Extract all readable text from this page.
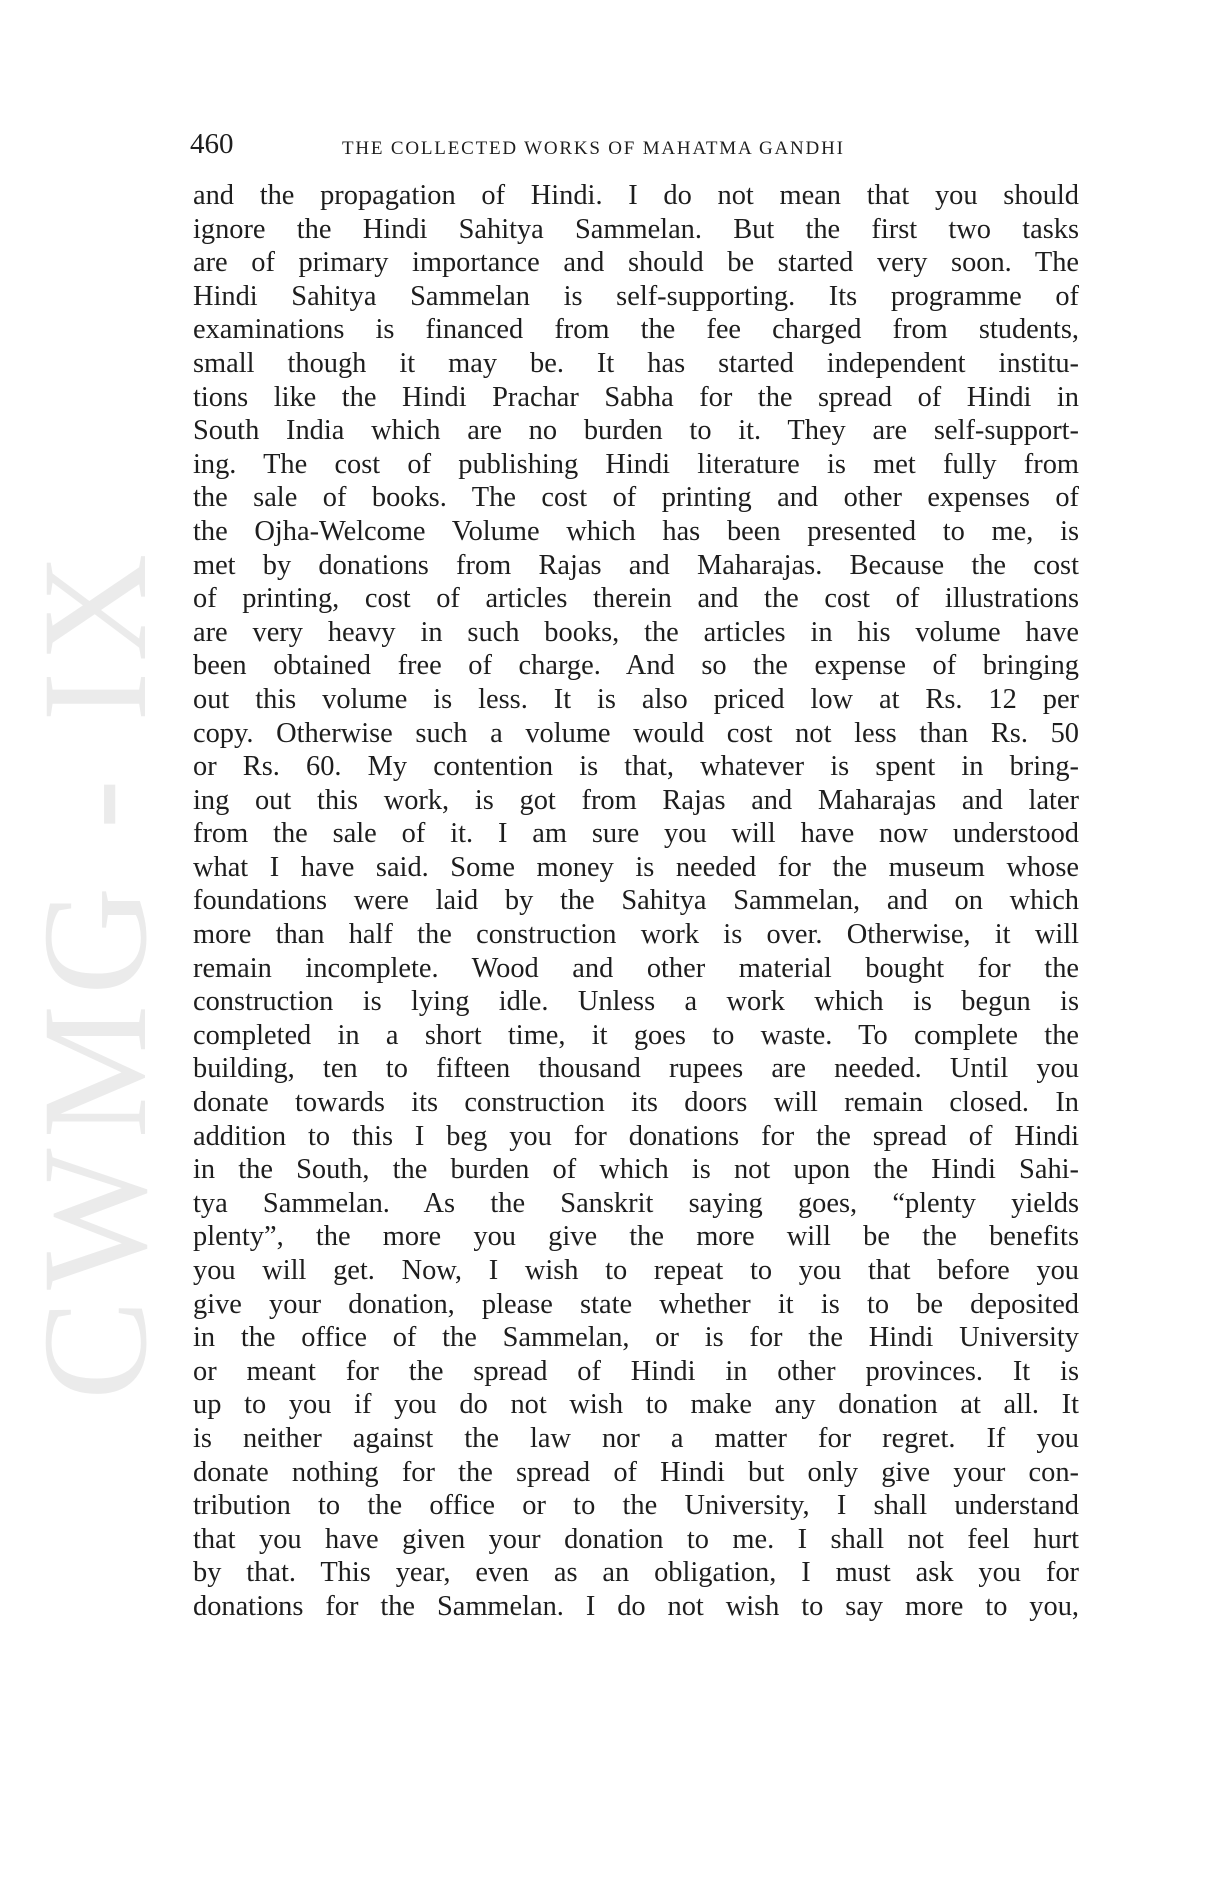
CWMG - IX
460	THE COLLECTED WORKS OF MAHATMA GANDHI
and the propagation of Hindi. I do not mean that you should
ignore the Hindi Sahitya Sammelan. But the first two tasks
are of primary importance and should be started very soon. The
Hindi Sahitya Sammelan is self-supporting. Its programme of
examinations is financed from the fee charged from students,
small though it may be. It has started independent institu-
tions like the Hindi Prachar Sabha for the spread of Hindi in
South India which are no burden to it. They are self-support-
ing. The cost of publishing Hindi literature is met fully from
the sale of books. The cost of printing and other expenses of
the Ojha-Welcome Volume which has been presented to me, is
met by donations from Rajas and Maharajas. Because the cost
of printing, cost of articles therein and the cost of illustrations
are very heavy in such books, the articles in his volume have
been obtained free of charge. And so the expense of bringing
out this volume is less. It is also priced low at Rs. 12 per
copy. Otherwise such a volume would cost not less than Rs. 50
or Rs. 60. My contention is that, whatever is spent in bring-
ing out this work, is got from Rajas and Maharajas and later
from the sale of it. I am sure you will have now understood
what I have said. Some money is needed for the museum whose
foundations were laid by the Sahitya Sammelan, and on which
more than half the construction work is over. Otherwise, it will
remain incomplete. Wood and other material bought for the
construction is lying idle. Unless a work which is begun is
completed in a short time, it goes to waste. To complete the
building, ten to fifteen thousand rupees are needed. Until you
donate towards its construction its doors will remain closed. In
addition to this I beg you for donations for the spread of Hindi
in the South, the burden of which is not upon the Hindi Sahi-
tya Sammelan. As the Sanskrit saying goes, “plenty yields
plenty”, the more you give the more will be the benefits
you will get. Now, I wish to repeat to you that before you
give your donation, please state whether it is to be deposited
in the office of the Sammelan, or is for the Hindi University
or meant for the spread of Hindi in other provinces. It is
up to you if you do not wish to make any donation at all. It
is neither against the law nor a matter for regret. If you
donate nothing for the spread of Hindi but only give your con-
tribution to the office or to the University, I shall understand
that you have given your donation to me. I shall not feel hurt
by that. This year, even as an obligation, I must ask you for
donations for the Sammelan. I do not wish to say more to you,
